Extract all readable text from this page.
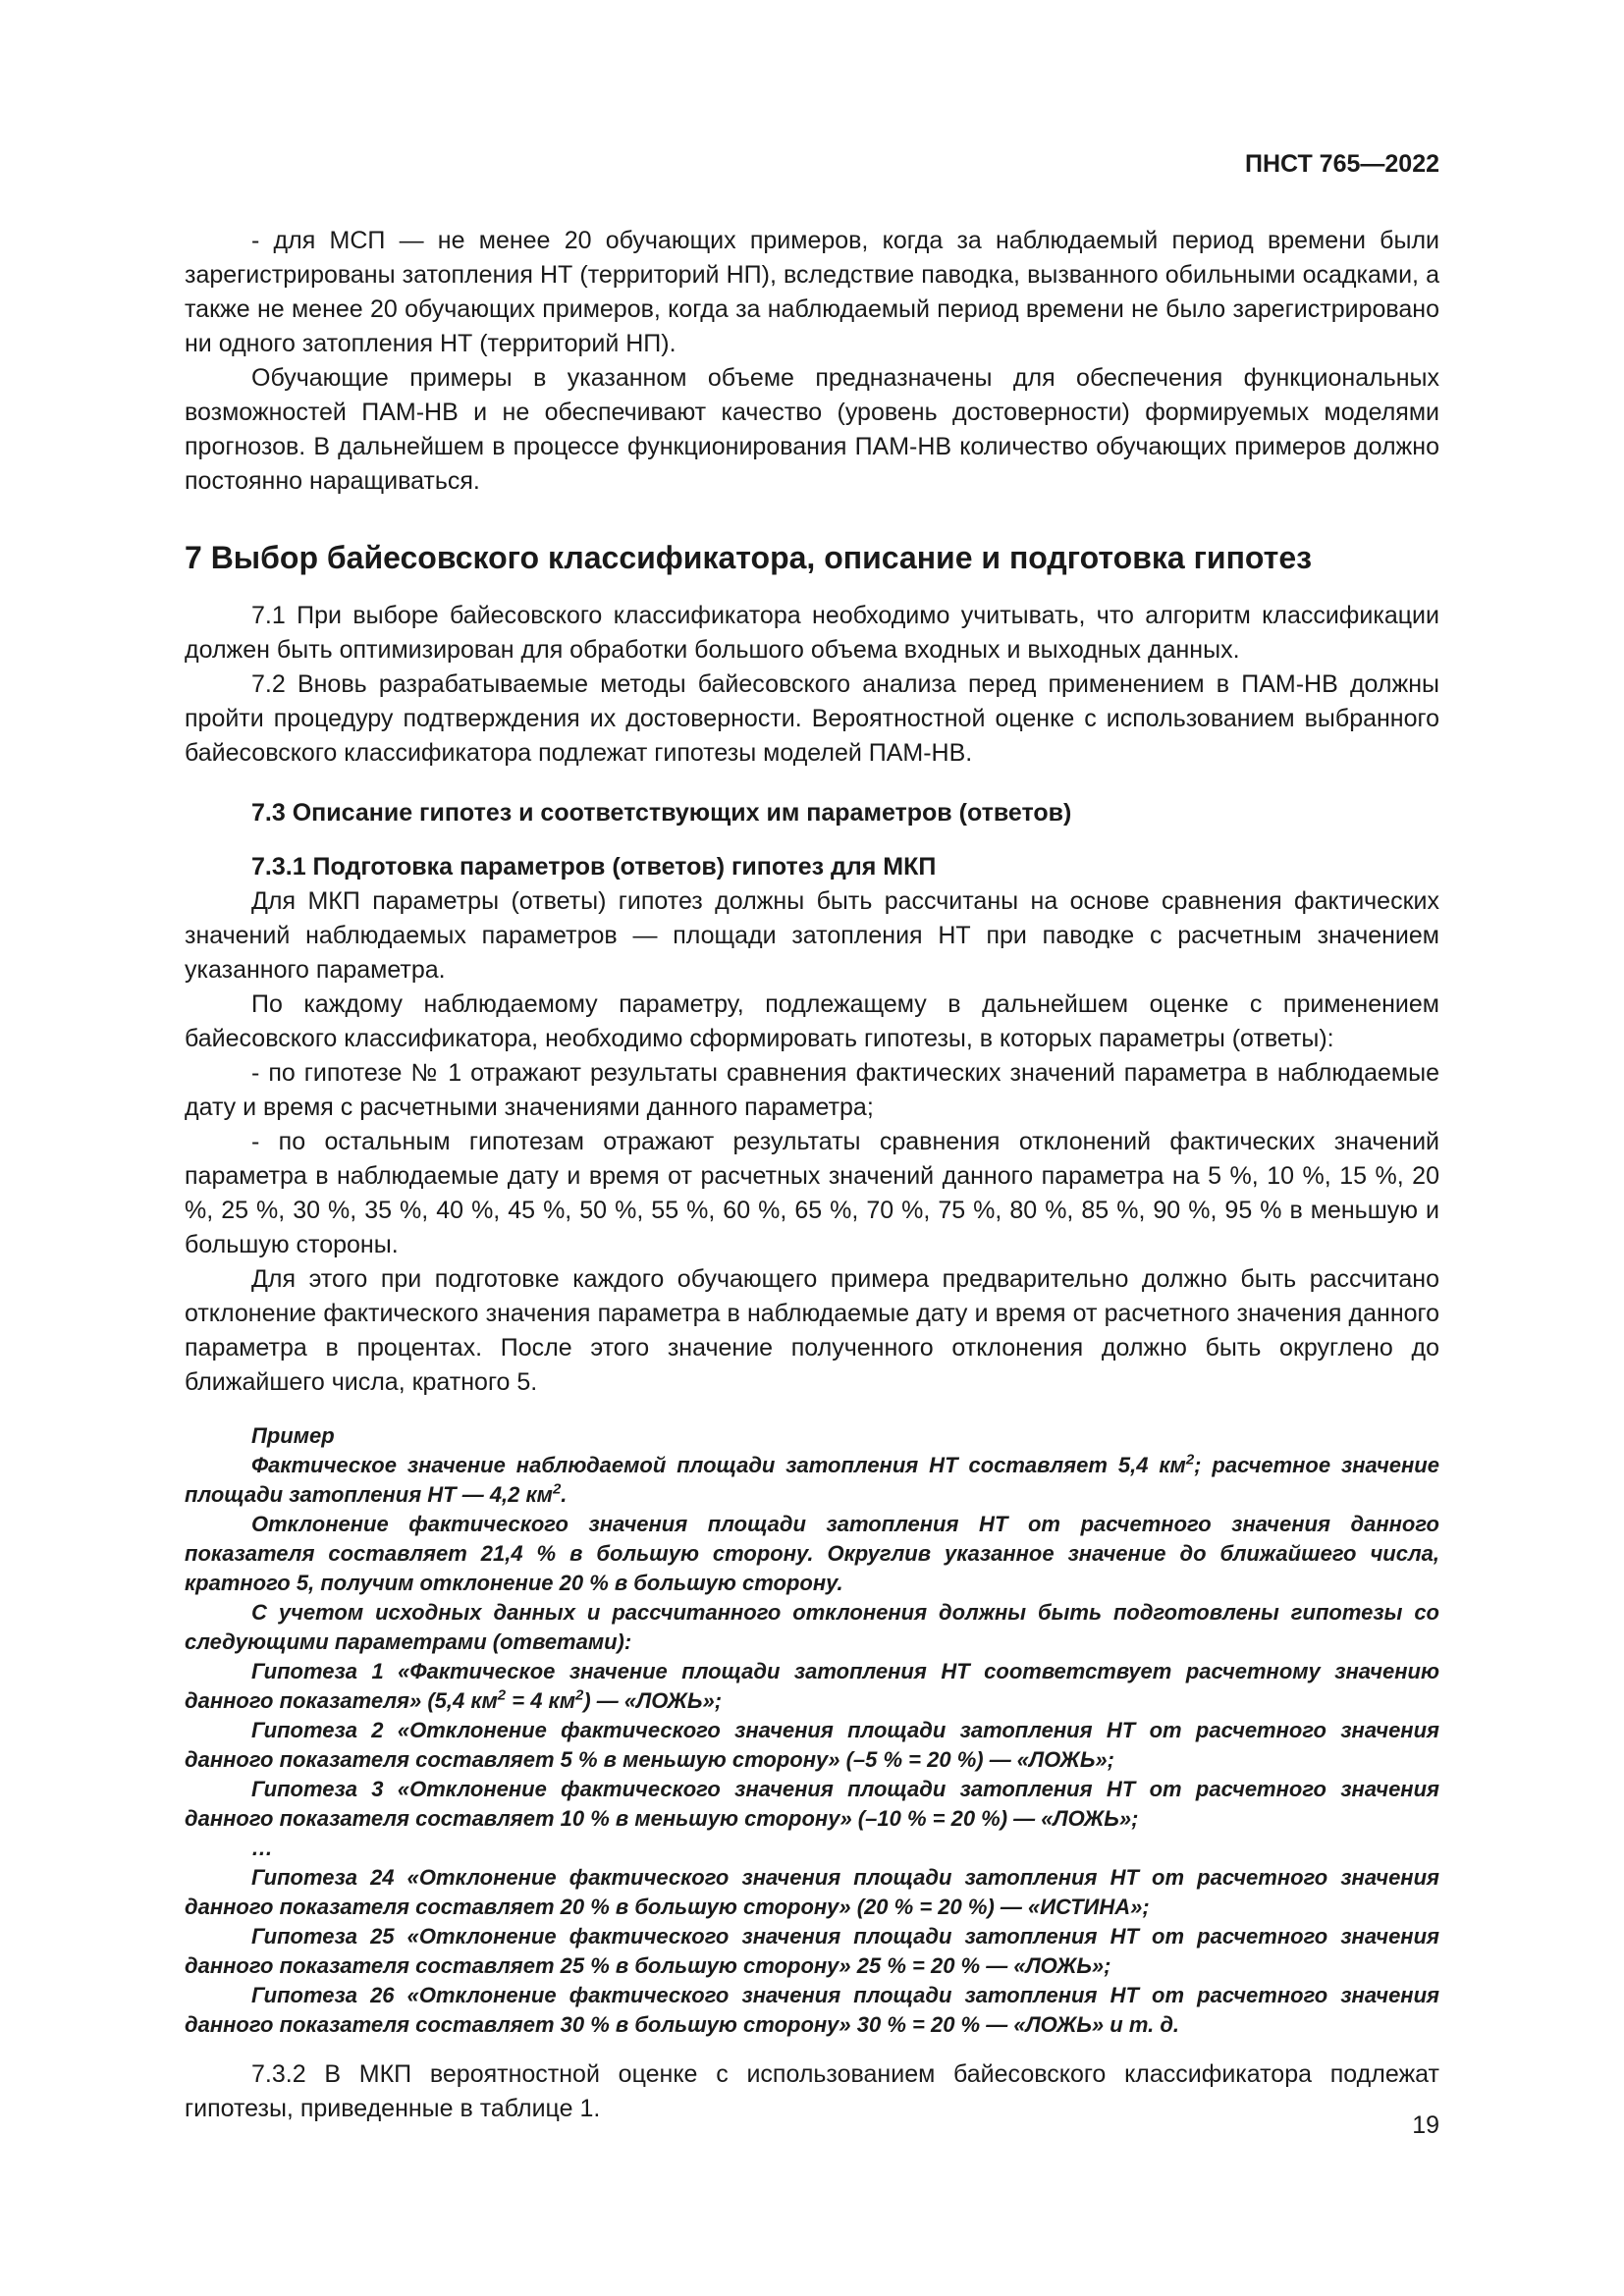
ПНСТ 765—2022

- для МСП — не менее 20 обучающих примеров, когда за наблюдаемый период времени были зарегистрированы затопления НТ (территорий НП), вследствие паводка, вызванного обильными осадками, а также не менее 20 обучающих примеров, когда за наблюдаемый период времени не было зарегистрировано ни одного затопления НТ (территорий НП).

Обучающие примеры в указанном объеме предназначены для обеспечения функциональных возможностей ПАМ-НВ и не обеспечивают качество (уровень достоверности) формируемых моделями прогнозов. В дальнейшем в процессе функционирования ПАМ-НВ количество обучающих примеров должно постоянно наращиваться.

7 Выбор байесовского классификатора, описание и подготовка гипотез

7.1 При выборе байесовского классификатора необходимо учитывать, что алгоритм классификации должен быть оптимизирован для обработки большого объема входных и выходных данных.

7.2 Вновь разрабатываемые методы байесовского анализа перед применением в ПАМ-НВ должны пройти процедуру подтверждения их достоверности. Вероятностной оценке с использованием выбранного байесовского классификатора подлежат гипотезы моделей ПАМ-НВ.

7.3 Описание гипотез и соответствующих им параметров (ответов)

7.3.1 Подготовка параметров (ответов) гипотез для МКП

Для МКП параметры (ответы) гипотез должны быть рассчитаны на основе сравнения фактических значений наблюдаемых параметров — площади затопления НТ при паводке с расчетным значением указанного параметра.

По каждому наблюдаемому параметру, подлежащему в дальнейшем оценке с применением байесовского классификатора, необходимо сформировать гипотезы, в которых параметры (ответы):

- по гипотезе № 1 отражают результаты сравнения фактических значений параметра в наблюдаемые дату и время с расчетными значениями данного параметра;

- по остальным гипотезам отражают результаты сравнения отклонений фактических значений параметра в наблюдаемые дату и время от расчетных значений данного параметра на 5 %, 10 %, 15 %, 20 %, 25 %, 30 %, 35 %, 40 %, 45 %, 50 %, 55 %, 60 %, 65 %, 70 %, 75 %, 80 %, 85 %, 90 %, 95 % в меньшую и большую стороны.

Для этого при подготовке каждого обучающего примера предварительно должно быть рассчитано отклонение фактического значения параметра в наблюдаемые дату и время от расчетного значения данного параметра в процентах. После этого значение полученного отклонения должно быть округлено до ближайшего числа, кратного 5.

Пример

Фактическое значение наблюдаемой площади затопления НТ составляет 5,4 $км^2$; расчетное значение площади затопления НТ — 4,2 $км^2$.

Отклонение фактического значения площади затопления НТ от расчетного значения данного показателя составляет 21,4 % в большую сторону. Округлив указанное значение до ближайшего числа, кратного 5, получим отклонение 20 % в большую сторону.

С учетом исходных данных и рассчитанного отклонения должны быть подготовлены гипотезы со следующими параметрами (ответами):

Гипотеза 1 «Фактическое значение площади затопления НТ соответствует расчетному значению данного показателя» (5,4 $км^2 = 4$ $км^2$) — «ЛОЖЬ»;

Гипотеза 2 «Отклонение фактического значения площади затопления НТ от расчетного значения данного показателя составляет 5 % в меньшую сторону» (–5 % = 20 %) — «ЛОЖЬ»;

Гипотеза 3 «Отклонение фактического значения площади затопления НТ от расчетного значения данного показателя составляет 10 % в меньшую сторону» (–10 % = 20 %) — «ЛОЖЬ»;

…

Гипотеза 24 «Отклонение фактического значения площади затопления НТ от расчетного значения данного показателя составляет 20 % в большую сторону» (20 % = 20 %) — «ИСТИНА»;

Гипотеза 25 «Отклонение фактического значения площади затопления НТ от расчетного значения данного показателя составляет 25 % в большую сторону» 25 % = 20 % — «ЛОЖЬ»;

Гипотеза 26 «Отклонение фактического значения площади затопления НТ от расчетного значения данного показателя составляет 30 % в большую сторону» 30 % = 20 % — «ЛОЖЬ» и т. д.

7.3.2 В МКП вероятностной оценке с использованием байесовского классификатора подлежат гипотезы, приведенные в таблице 1.

19
